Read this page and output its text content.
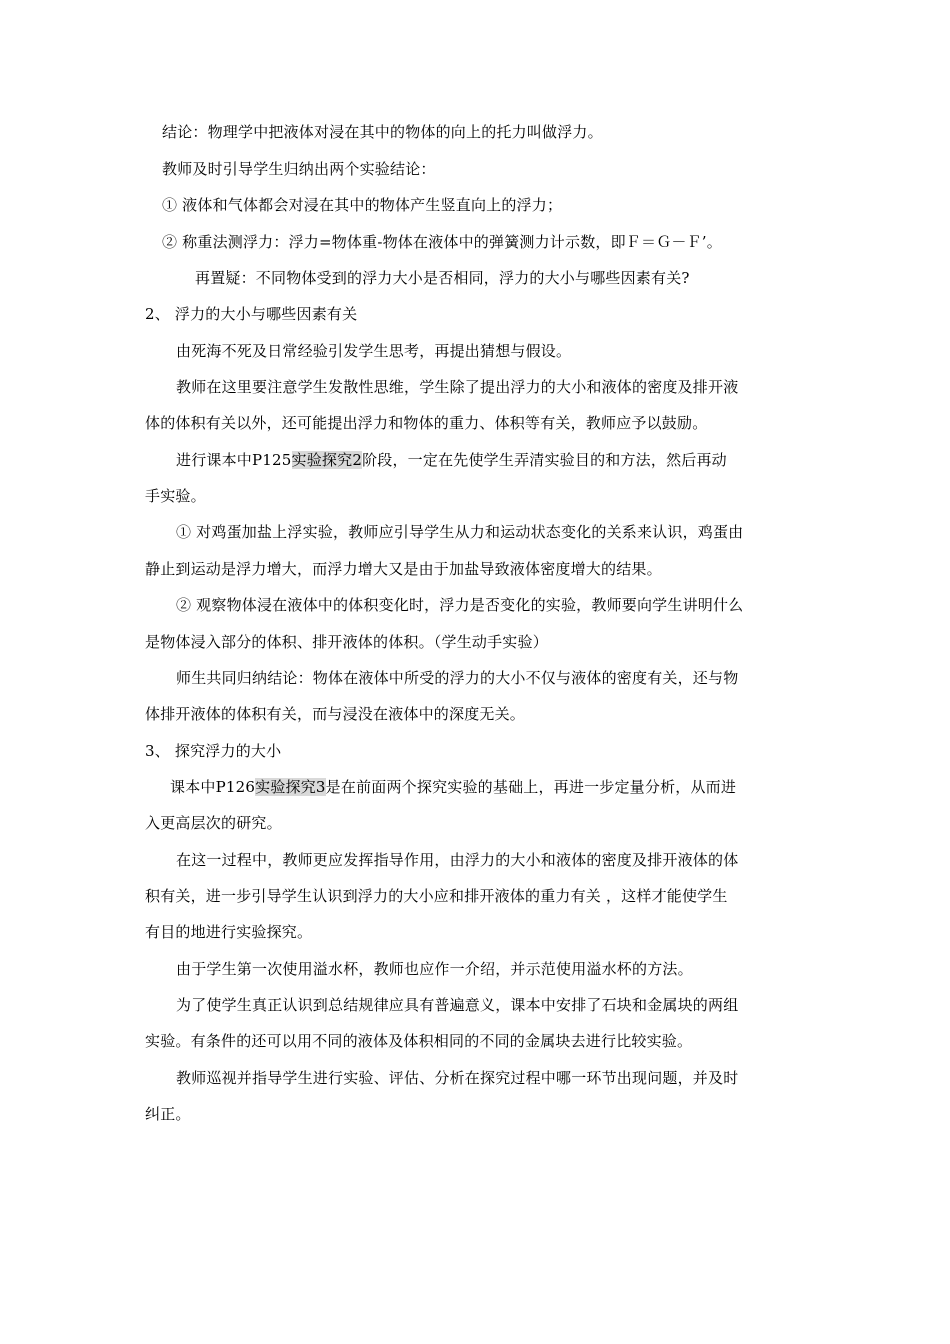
结论：物理学中把液体对浸在其中的物体的向上的托力叫做浮力。
教师及时引导学生归纳出两个实验结论：
① 液体和气体都会对浸在其中的物体产生竖直向上的浮力；
② 称重法测浮力：浮力=物体重-物体在液体中的弹簧测力计示数，即Ｆ＝Ｇ－Ｆ’。
再置疑：不同物体受到的浮力大小是否相同，浮力的大小与哪些因素有关?
2、 浮力的大小与哪些因素有关
由死海不死及日常经验引发学生思考，再提出猜想与假设。
教师在这里要注意学生发散性思维，学生除了提出浮力的大小和液体的密度及排开液
体的体积有关以外，还可能提出浮力和物体的重力、体积等有关，教师应予以鼓励。
进行课本中P125实验探究2阶段，一定在先使学生弄清实验目的和方法，然后再动
手实验。
① 对鸡蛋加盐上浮实验，教师应引导学生从力和运动状态变化的关系来认识，鸡蛋由
静止到运动是浮力增大，而浮力增大又是由于加盐导致液体密度增大的结果。
② 观察物体浸在液体中的体积变化时，浮力是否变化的实验，教师要向学生讲明什么
是物体浸入部分的体积、排开液体的体积。（学生动手实验）
师生共同归纳结论：物体在液体中所受的浮力的大小不仅与液体的密度有关，还与物
体排开液体的体积有关，而与浸没在液体中的深度无关。
3、 探究浮力的大小
课本中P126实验探究3是在前面两个探究实验的基础上，再进一步定量分析，从而进
入更高层次的研究。
在这一过程中，教师更应发挥指导作用，由浮力的大小和液体的密度及排开液体的体
积有关，进一步引导学生认识到浮力的大小应和排开液体的重力有关 ，这样才能使学生
有目的地进行实验探究。
由于学生第一次使用溢水杯，教师也应作一介绍，并示范使用溢水杯的方法。
为了使学生真正认识到总结规律应具有普遍意义，课本中安排了石块和金属块的两组
实验。有条件的还可以用不同的液体及体积相同的不同的金属块去进行比较实验。
教师巡视并指导学生进行实验、评估、分析在探究过程中哪一环节出现问题，并及时
纠正。
